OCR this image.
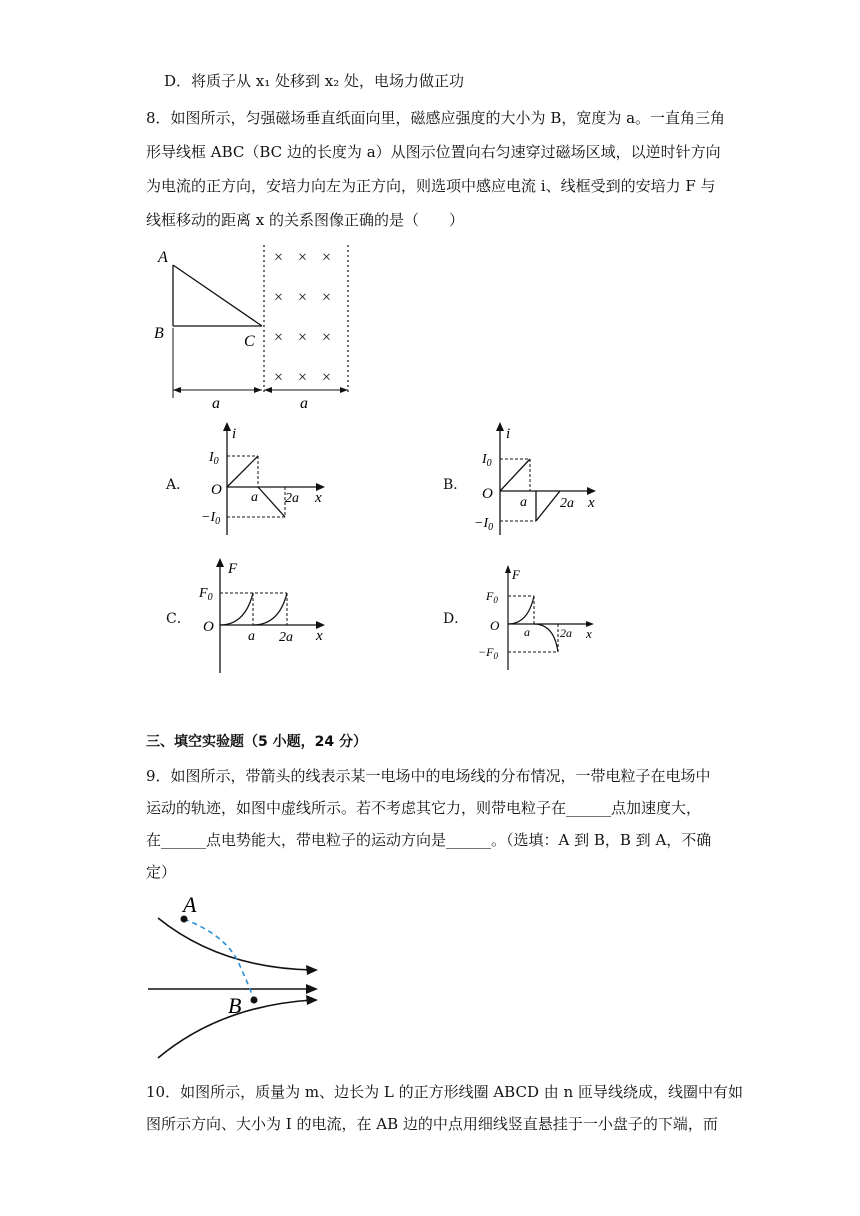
D．将质子从 x₁ 处移到 x₂ 处，电场力做正功
8．如图所示，匀强磁场垂直纸面向里，磁感应强度的大小为 B，宽度为 a。一直角三角
形导线框 ABC（BC 边的长度为 a）从图示位置向右匀速穿过磁场区域，以逆时针方向
为电流的正方向，安培力向左为正方向，则选项中感应电流 i、线框受到的安培力 F 与
线框移动的距离 x 的关系图像正确的是（　　）
A
B	C
× × ×
× × ×
× × ×
× × ×
a	a
A．
i
x
O
$I_0$
$-I_0$
a 2a
B．
i
x
O
$I_0$
$-I_0$
a 2a
C．
F
x
O
$F_0$
a 2a
D．
F
x
O
$F_0$
$-F_0$
a	2a
三、填空实验题（5 小题，24 分）
9．如图所示，带箭头的线表示某一电场中的电场线的分布情况，一带电粒子在电场中
运动的轨迹，如图中虚线所示。若不考虑其它力，则带电粒子在______点加速度大，
在______点电势能大，带电粒子的运动方向是______。（选填：A 到 B，B 到 A，不确
定）
A
B
10．如图所示，质量为 m、边长为 L 的正方形线圈 ABCD 由 n 匝导线绕成，线圈中有如
图所示方向、大小为 I 的电流，在 AB 边的中点用细线竖直悬挂于一小盘子的下端，而
